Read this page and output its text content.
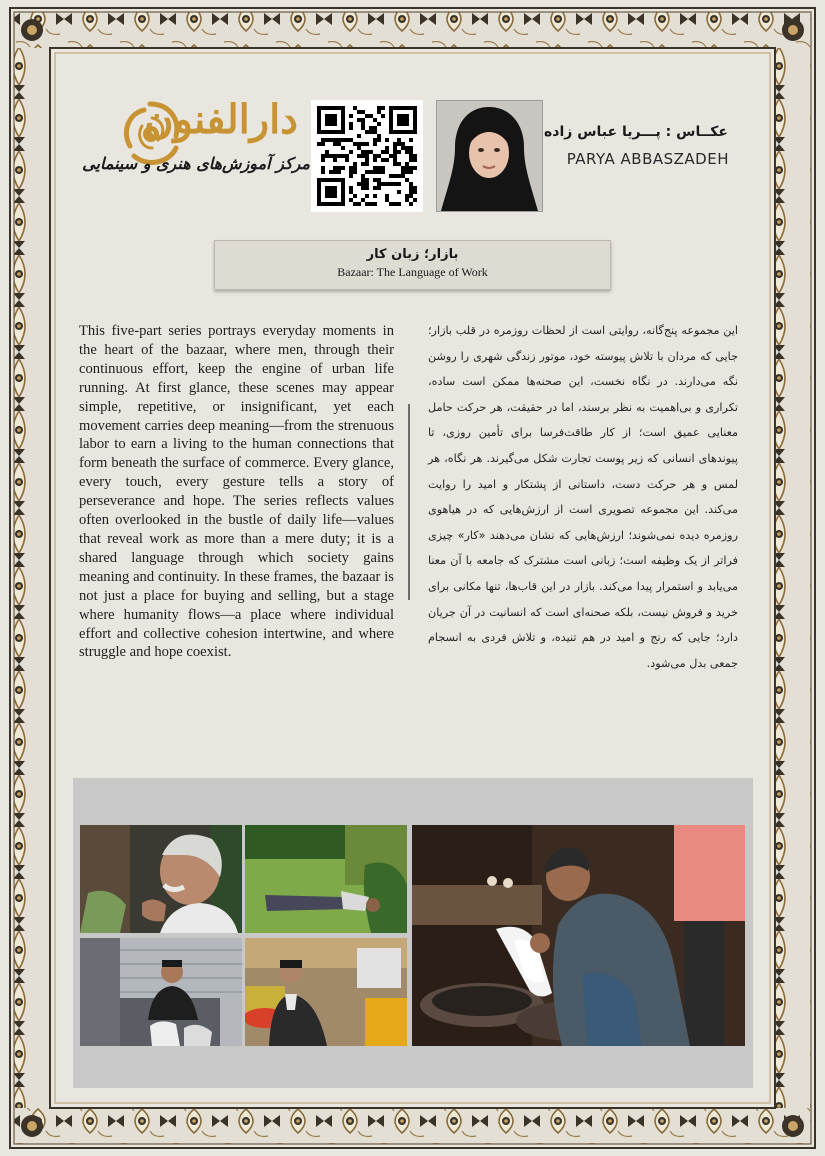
دارالفنون
مرکز آموزش‌های هنری و سینمایی
عکــاس : پـــریا عباس زاده
PARYA ABBASZADEH
بازار؛ زبان کار
Bazaar: The Language of Work

This five-part series portrays everyday moments in the heart of the bazaar, where men, through their continuous effort, keep the engine of urban life running. At first glance, these scenes may appear simple, repetitive, or insignificant, yet each movement carries deep meaning—from the strenuous labor to earn a living to the human connections that form beneath the surface of commerce. Every glance, every touch, every gesture tells a story of perseverance and hope. The series reflects values often overlooked in the bustle of daily life—values that reveal work as more than a mere duty; it is a shared language through which society gains meaning and continuity. In these frames, the bazaar is not just a place for buying and selling, but a stage where humanity flows—a place where individual effort and collective cohesion intertwine, and where struggle and hope coexist.

این مجموعه پنج‌گانه، روایتی است از لحظات روزمره در قلب بازار؛ جایی که مردان با تلاش پیوسته خود، موتور زندگی شهری را روشن نگه می‌دارند. در نگاه نخست، این صحنه‌ها ممکن است ساده، تکراری و بی‌اهمیت به نظر برسند، اما در حقیقت، هر حرکت حامل معنایی عمیق است؛ از کار طاقت‌فرسا برای تأمین روزی، تا پیوندهای انسانی که زیر پوست تجارت شکل می‌گیرند. هر نگاه، هر لمس و هر حرکت دست، داستانی از پشتکار و امید را روایت می‌کند. این مجموعه تصویری است از ارزش‌هایی که در هیاهوی روزمره دیده نمی‌شوند؛ ارزش‌هایی که نشان می‌دهند «کار» چیزی فراتر از یک وظیفه است؛ زبانی است مشترک که جامعه با آن معنا می‌یابد و استمرار پیدا می‌کند. بازار در این قاب‌ها، تنها مکانی برای خرید و فروش نیست، بلکه صحنه‌ای است که انسانیت در آن جریان دارد؛ جایی که رنج و امید در هم تنیده، و تلاش فردی به انسجام جمعی بدل می‌شود.
